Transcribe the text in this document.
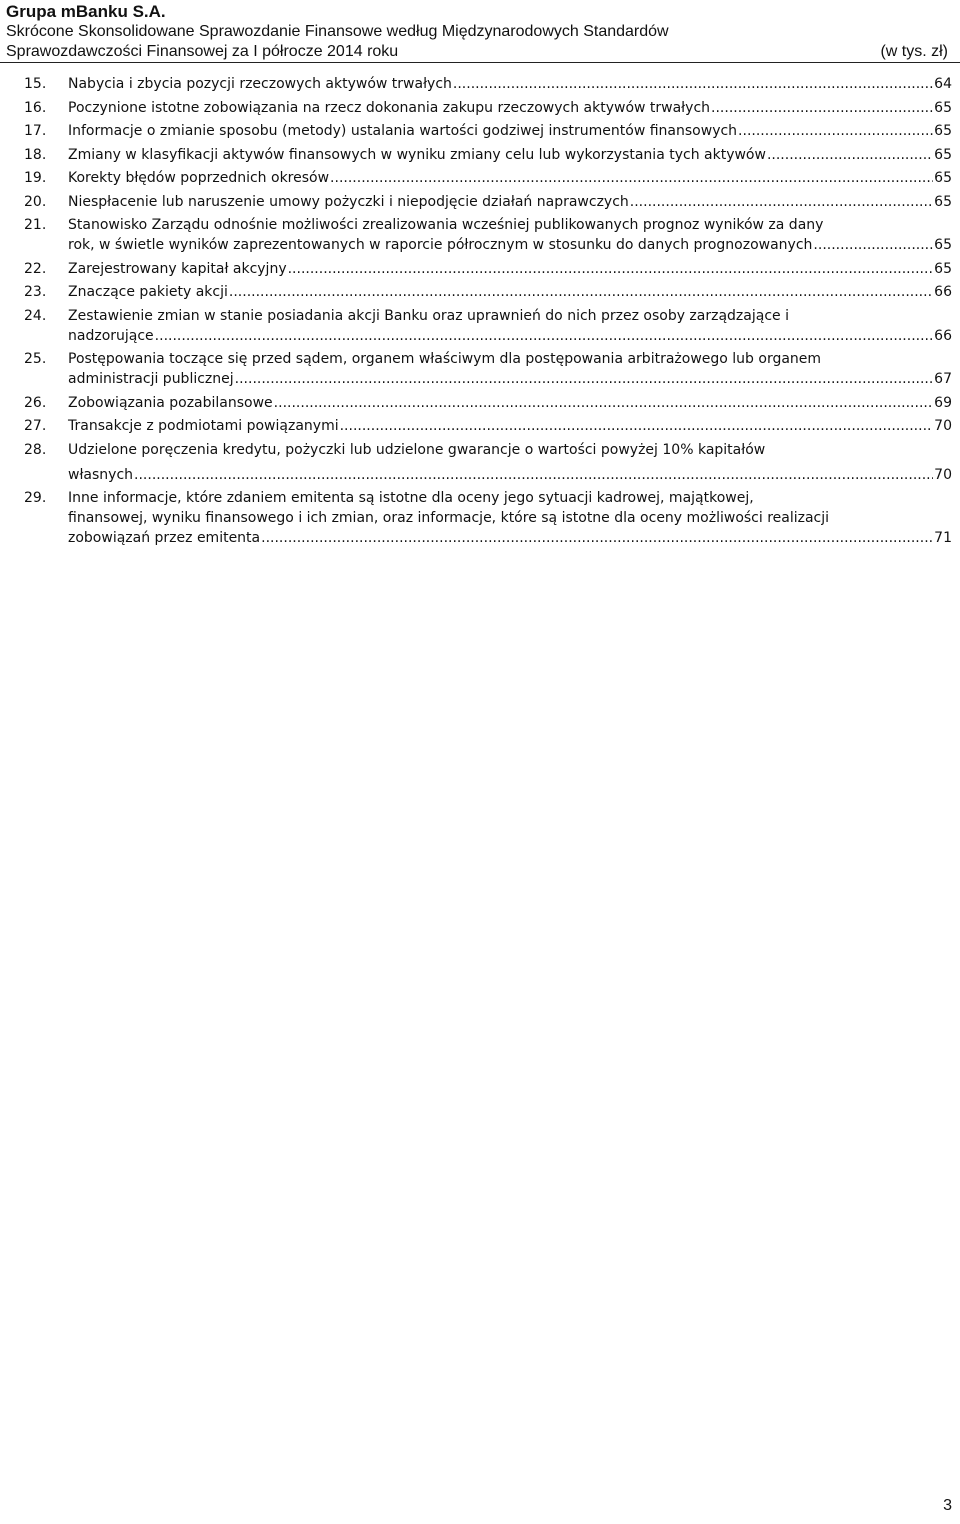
Grupa mBanku S.A.
Skrócone Skonsolidowane Sprawozdanie Finansowe według Międzynarodowych Standardów
Sprawozdawczości Finansowej za I półrocze 2014 roku	(w tys. zł)
15.	Nabycia i zbycia pozycji rzeczowych aktywów trwałych .....	64
16.	Poczynione istotne zobowiązania na rzecz dokonania zakupu rzeczowych aktywów trwałych .....	65
17.	Informacje o zmianie sposobu (metody) ustalania wartości godziwej instrumentów finansowych .....	65
18.	Zmiany w klasyfikacji aktywów finansowych w wyniku zmiany celu lub wykorzystania tych aktywów .....	65
19.	Korekty błędów poprzednich okresów .....	65
20.	Niespłacenie lub naruszenie umowy pożyczki i niepodjęcie działań naprawczych .....	65
21.	Stanowisko Zarządu odnośnie możliwości zrealizowania wcześniej publikowanych prognoz wyników za dany
rok, w świetle wyników zaprezentowanych w raporcie półrocznym w stosunku do danych prognozowanych .....	65
22.	Zarejestrowany kapitał akcyjny .....	65
23.	Znaczące pakiety akcji .....	66
24.	Zestawienie zmian w stanie posiadania akcji Banku oraz uprawnień do nich przez osoby zarządzające i
nadzorujące .....	66
25.	Postępowania toczące się przed sądem, organem właściwym dla postępowania arbitrażowego lub organem
administracji publicznej .....	67
26.	Zobowiązania pozabilansowe .....	69
27.	Transakcje z podmiotami powiązanymi .....	70
28.	Udzielone poręczenia kredytu, pożyczki lub udzielone gwarancje o wartości powyżej 10% kapitałów
własnych .....	70
29.	Inne informacje, które zdaniem emitenta są istotne dla oceny jego sytuacji kadrowej, majątkowej,
finansowej, wyniku finansowego i ich zmian, oraz informacje, które są istotne dla oceny możliwości realizacji
zobowiązań przez emitenta .....	71
3
